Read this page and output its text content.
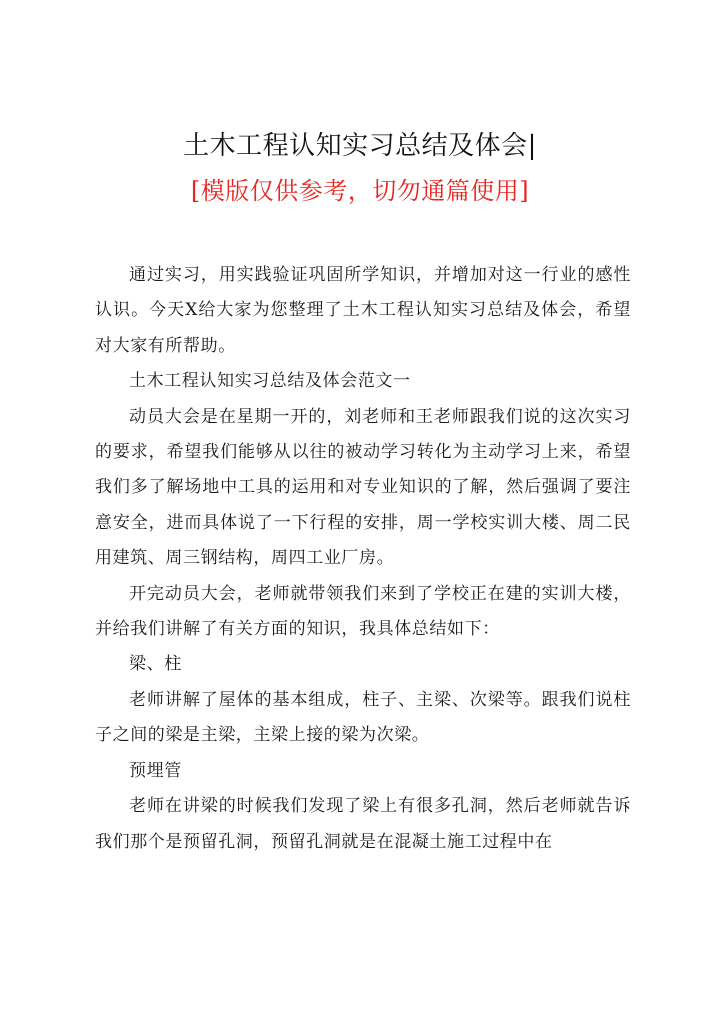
土木工程认知实习总结及体会|
[模版仅供参考，切勿通篇使用]

通过实习，用实践验证巩固所学知识，并增加对这一行业的感性认识。今天X给大家为您整理了土木工程认知实习总结及体会，希望对大家有所帮助。

土木工程认知实习总结及体会范文一

动员大会是在星期一开的，刘老师和王老师跟我们说的这次实习的要求，希望我们能够从以往的被动学习转化为主动学习上来，希望我们多了解场地中工具的运用和对专业知识的了解，然后强调了要注意安全，进而具体说了一下行程的安排，周一学校实训大楼、周二民用建筑、周三钢结构，周四工业厂房。

开完动员大会，老师就带领我们来到了学校正在建的实训大楼，并给我们讲解了有关方面的知识，我具体总结如下：

梁、柱

老师讲解了屋体的基本组成，柱子、主梁、次梁等。跟我们说柱子之间的梁是主梁，主梁上接的梁为次梁。

预埋管

老师在讲梁的时候我们发现了梁上有很多孔洞，然后老师就告诉我们那个是预留孔洞，预留孔洞就是在混凝土施工过程中在
